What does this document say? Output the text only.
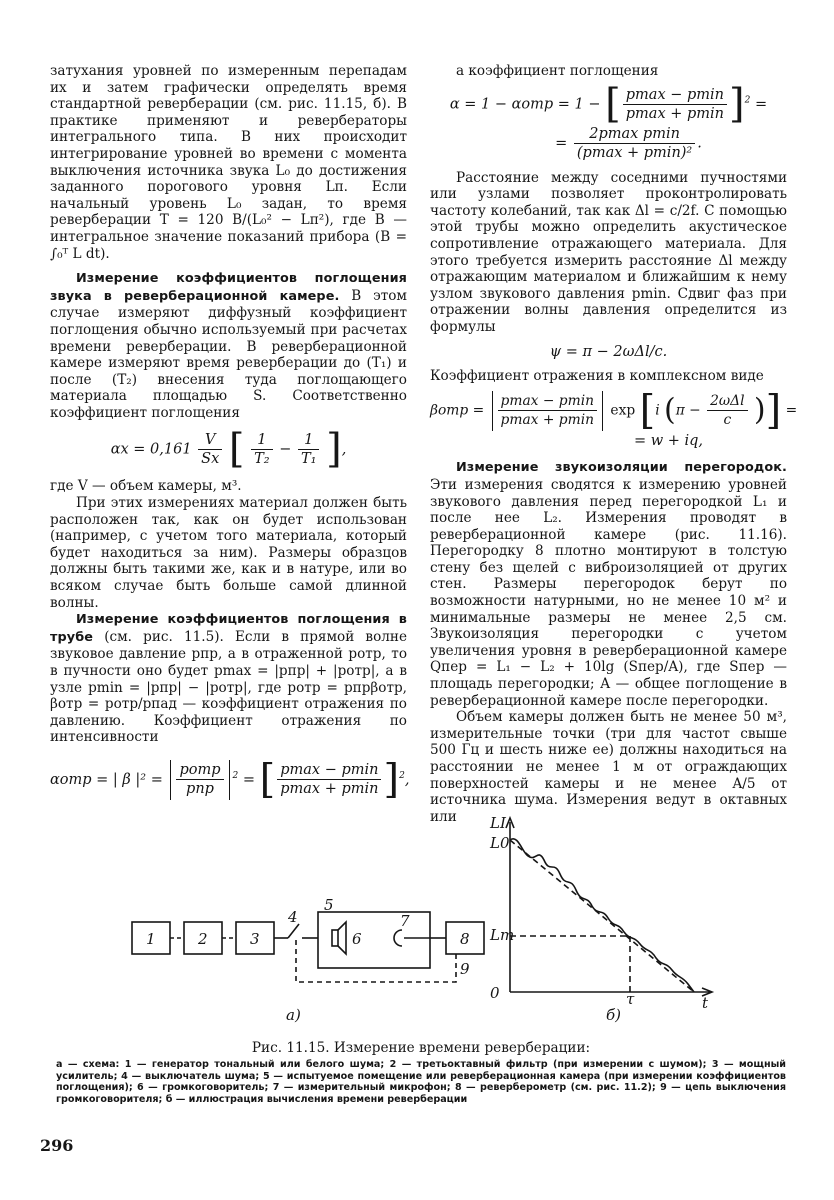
затухания уровней по измеренным перепадам их и затем графически определять время стандартной реверберации (см. рис. 11.15, б). В практике применяют и ревербераторы интегрального типа. В них происходит интегрирование уровней во времени с момента выключения источника звука L₀ до достижения заданного порогового уровня Lп. Если начальный уровень L₀ задан, то время реверберации T = 120 B/(L₀² − Lп²), где B — интегральное значение показаний прибора (B = ∫₀ᵀ L dt).

Измерение коэффициентов поглощения звука в реверберационной камере. В этом случае измеряют диффузный коэффициент поглощения обычно используемый при расчетах времени реверберации. В реверберационной камере измеряют время реверберации до (T₁) и после (T₂) внесения туда поглощающего материала площадью S. Соответственно коэффициент поглощения

$\alpha x = 0,161 \frac{V}{Sx}$ [ $\frac{1}{\text{T₂}} - \frac{1}{\text{T₁}}$ ],

где V — объем камеры, м³.

При этих измерениях материал должен быть расположен так, как он будет использован (например, с учетом того материала, который будет находиться за ним). Размеры образцов должны быть такими же, как и в натуре, или во всяком случае быть больше самой длинной волны.

Измерение коэффициентов поглощения в трубе (см. рис. 11.5). Если в прямой волне звуковое давление pпр, а в отраженной pотр, то в пучности оно будет pmax = |pпр| + |pотр|, а в узле pmin = |pпр| − |pотр|, где pотр = pпрβотр, βотр = pотр/pпад — коэффициент отражения по давлению. Коэффициент отражения по интенсивности

αотр = | β $|^2 = \frac{\text{pотр}}{\text{pпр}} ^2$ = [ $\frac{pmax - pmin}{pmax + pmin} ]^2$,

а коэффициент поглощения

α = 1 − αотр = 1 − [ $\frac{pmax - pmin}{pmax + pmin} ]^2$ =
= $\frac{\text{2pmax pmin}}{\text{(pmax + pmin)²}}$ .

Расстояние между соседними пучностями или узлами позволяет проконтролировать частоту колебаний, так как Δl = c/2f. С помощью этой трубы можно определить акустическое сопротивление отражающего материала. Для этого требуется измерить расстояние Δl между отражающим материалом и ближайшим к нему узлом звукового давления pmin. Сдвиг фаз при отражении волны давления определится из формулы

ψ = π − 2ωΔl/c.

Коэффициент отражения в комплексном виде

$\beta отр = \frac{pmax - pmin}{pmax + pmin}$ exp [i ($\pi - \frac{\text{2ωΔl}}{c}$ )] =
= w + iq,

Измерение звукоизоляции перегородок. Эти измерения сводятся к измерению уровней звукового давления перед перегородкой L₁ и после нее L₂. Измерения проводят в реверберационной камере (рис. 11.16). Перегородку 8 плотно монтируют в толстую стену без щелей с виброизоляцией от других стен. Размеры перегородок берут по возможности натурными, но не менее 10 м² и минимальные размеры не менее 2,5 см. Звукоизоляция перегородки с учетом увеличения уровня в реверберационной камере Qпер = L₁ − L₂ + 10lg (Sпер/A), где Sпер — площадь перегородки; A — общее поглощение в реверберационной камере после перегородки.

Объем камеры должен быть не менее 50 м³, измерительные точки (три для частот свыше 500 Гц и шесть ниже ее) должны находиться на расстоянии не менее 1 м от ограждающих поверхностей камеры и не менее A/5 от источника шума. Измерения ведут в октавных или

1	2	3
5
7
8
4
6
9
а)	б)
LI
L0
Lт
0	τ	t
Рис. 11.15. Измерение времени реверберации:
а — схема: 1 — генератор тональный или белого шума; 2 — третьоктавный фильтр (при измерении с шумом); 3 — мощный усилитель; 4 — выключатель шума; 5 — испытуемое помещение или реверберационная камера (при измерении коэффициентов поглощения); 6 — громкоговоритель; 7 — измерительный микрофон; 8 — реверберометр (см. рис. 11.2); 9 — цепь выключения громкоговорителя; б — иллюстрация вычисления времени реверберации
296
